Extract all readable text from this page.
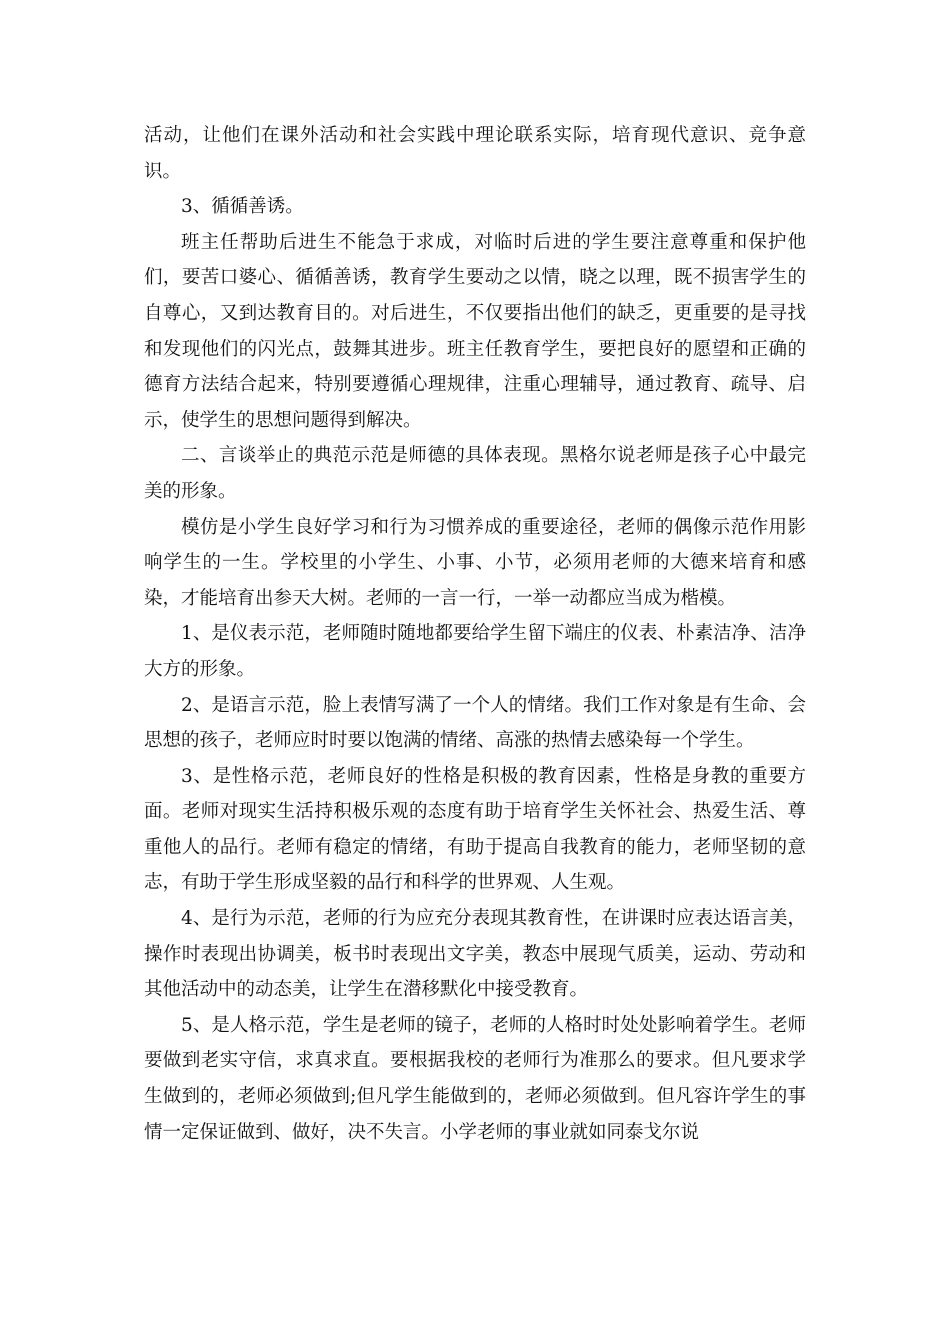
活动，让他们在课外活动和社会实践中理论联系实际，培育现代意识、竞争意识。

3、循循善诱。

班主任帮助后进生不能急于求成，对临时后进的学生要注意尊重和保护他们，要苦口婆心、循循善诱，教育学生要动之以情，晓之以理，既不损害学生的自尊心，又到达教育目的。对后进生，不仅要指出他们的缺乏，更重要的是寻找和发现他们的闪光点，鼓舞其进步。班主任教育学生，要把良好的愿望和正确的德育方法结合起来，特别要遵循心理规律，注重心理辅导，通过教育、疏导、启示，使学生的思想问题得到解决。

二、言谈举止的典范示范是师德的具体表现。黑格尔说老师是孩子心中最完美的形象。

模仿是小学生良好学习和行为习惯养成的重要途径，老师的偶像示范作用影响学生的一生。学校里的小学生、小事、小节，必须用老师的大德来培育和感染，才能培育出参天大树。老师的一言一行，一举一动都应当成为楷模。

1、是仪表示范，老师随时随地都要给学生留下端庄的仪表、朴素洁净、洁净大方的形象。

2、是语言示范，脸上表情写满了一个人的情绪。我们工作对象是有生命、会思想的孩子，老师应时时要以饱满的情绪、高涨的热情去感染每一个学生。

3、是性格示范，老师良好的性格是积极的教育因素，性格是身教的重要方面。老师对现实生活持积极乐观的态度有助于培育学生关怀社会、热爱生活、尊重他人的品行。老师有稳定的情绪，有助于提高自我教育的能力，老师坚韧的意志，有助于学生形成坚毅的品行和科学的世界观、人生观。

4、是行为示范，老师的行为应充分表现其教育性，在讲课时应表达语言美，操作时表现出协调美，板书时表现出文字美，教态中展现气质美，运动、劳动和其他活动中的动态美，让学生在潜移默化中接受教育。

5、是人格示范，学生是老师的镜子，老师的人格时时处处影响着学生。老师要做到老实守信，求真求直。要根据我校的老师行为准那么的要求。但凡要求学生做到的，老师必须做到;但凡学生能做到的，老师必须做到。但凡容许学生的事情一定保证做到、做好，决不失言。小学老师的事业就如同泰戈尔说
